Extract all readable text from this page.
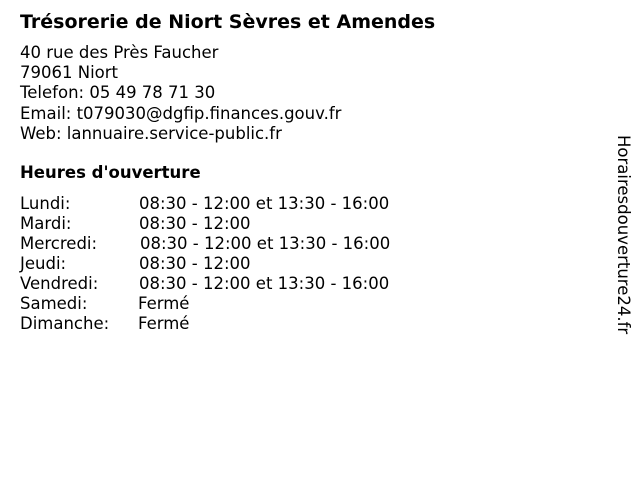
Trésorerie de Niort Sèvres et Amendes
40 rue des Près Faucher
79061 Niort
Telefon: 05 49 78 71 30
Email: t079030@dgfip.finances.gouv.fr
Web: lannuaire.service-public.fr
Heures d'ouverture
Lundi:	08:30 - 12:00 et 13:30 - 16:00
Mardi:	08:30 - 12:00
Mercredi:	08:30 - 12:00 et 13:30 - 16:00
Jeudi:	08:30 - 12:00
Vendredi: 08:30 - 12:00 et 13:30 - 16:00
Samedi:	Fermé
Dimanche: Fermé	Horairesdouverture24.fr
